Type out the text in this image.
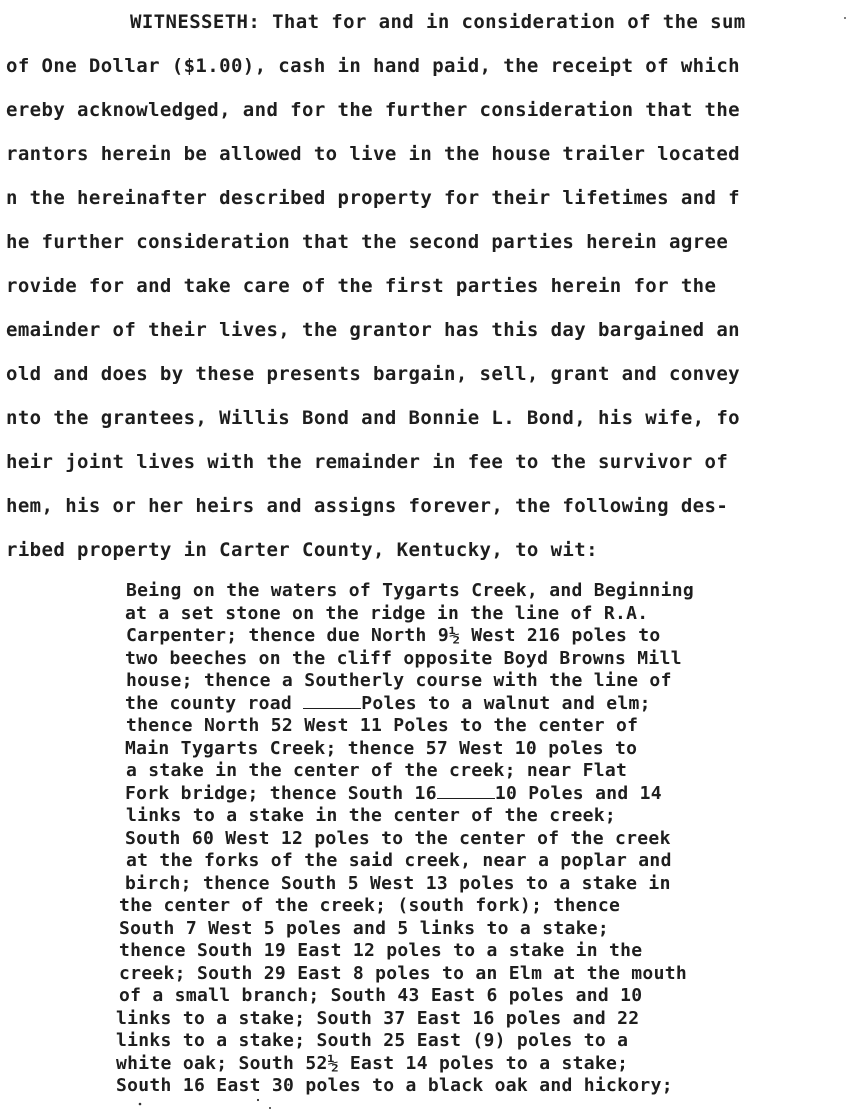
WITNESSETH: That for and in consideration of the sum
of One Dollar ($1.00), cash in hand paid, the receipt of which
ereby acknowledged, and for the further consideration that the
rantors herein be allowed to live in the house trailer located
n the hereinafter described property for their lifetimes and f
he further consideration that the second parties herein agree
rovide for and take care of the first parties herein for the
emainder of their lives, the grantor has this day bargained an
old and does by these presents bargain, sell, grant and convey
nto the grantees, Willis Bond and Bonnie L. Bond, his wife, fo
heir joint lives with the remainder in fee to the survivor of
hem, his or her heirs and assigns forever, the following des-
ribed property in Carter County, Kentucky, to wit:
Being on the waters of Tygarts Creek, and Beginning
at a set stone on the ridge in the line of R.A.
Carpenter; thence due North 9½ West 216 poles to
two beeches on the cliff opposite Boyd Browns Mill
house; thence a Southerly course with the line of
the county road	Poles to a walnut and elm;
thence North 52 West 11 Poles to the center of
Main Tygarts Creek; thence 57 West 10 poles to
a stake in the center of the creek; near Flat
Fork bridge; thence South 16	10 Poles and 14
links to a stake in the center of the creek;
South 60 West 12 poles to the center of the creek
at the forks of the said creek, near a poplar and
birch; thence South 5 West 13 poles to a stake in
the center of the creek; (south fork); thence
South 7 West 5 poles and 5 links to a stake;
thence South 19 East 12 poles to a stake in the
creek; South 29 East 8 poles to an Elm at the mouth
of a small branch; South 43 East 6 poles and 10
links to a stake; South 37 East 16 poles and 22
links to a stake; South 25 East (9) poles to a
white oak; South 52½ East 14 poles to a stake;
South 16 East 30 poles to a black oak and hickory;
